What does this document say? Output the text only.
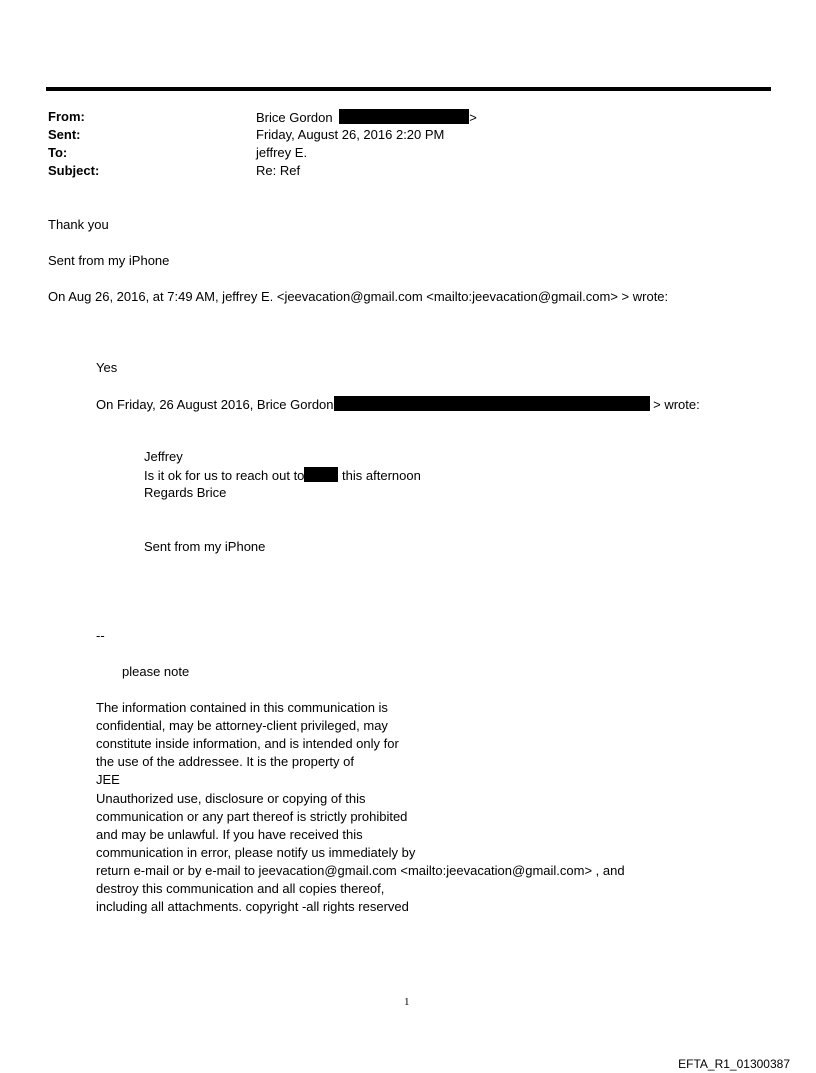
From:	Brice Gordon	>
Sent:	Friday, August 26, 2016 2:20 PM
To:	jeffrey E.
Subject:	Re: Ref
Thank you
Sent from my iPhone
On Aug 26, 2016, at 7:49 AM, jeffrey E. <jeevacation@gmail.com <mailto:jeevacation@gmail.com> > wrote:
Yes
On Friday, 26 August 2016, Brice Gordon	> wrote:
Jeffrey
Is it ok for us to reach out to	this afternoon
Regards Brice
Sent from my iPhone
--
please note
The information contained in this communication is
confidential, may be attorney-client privileged, may
constitute inside information, and is intended only for
the use of the addressee. It is the property of
JEE
Unauthorized use, disclosure or copying of this
communication or any part thereof is strictly prohibited
and may be unlawful. If you have received this
communication in error, please notify us immediately by
return e-mail or by e-mail to jeevacation@gmail.com <mailto:jeevacation@gmail.com> , and
destroy this communication and all copies thereof,
including all attachments. copyright -all rights reserved
1
EFTA_R1_01300387
